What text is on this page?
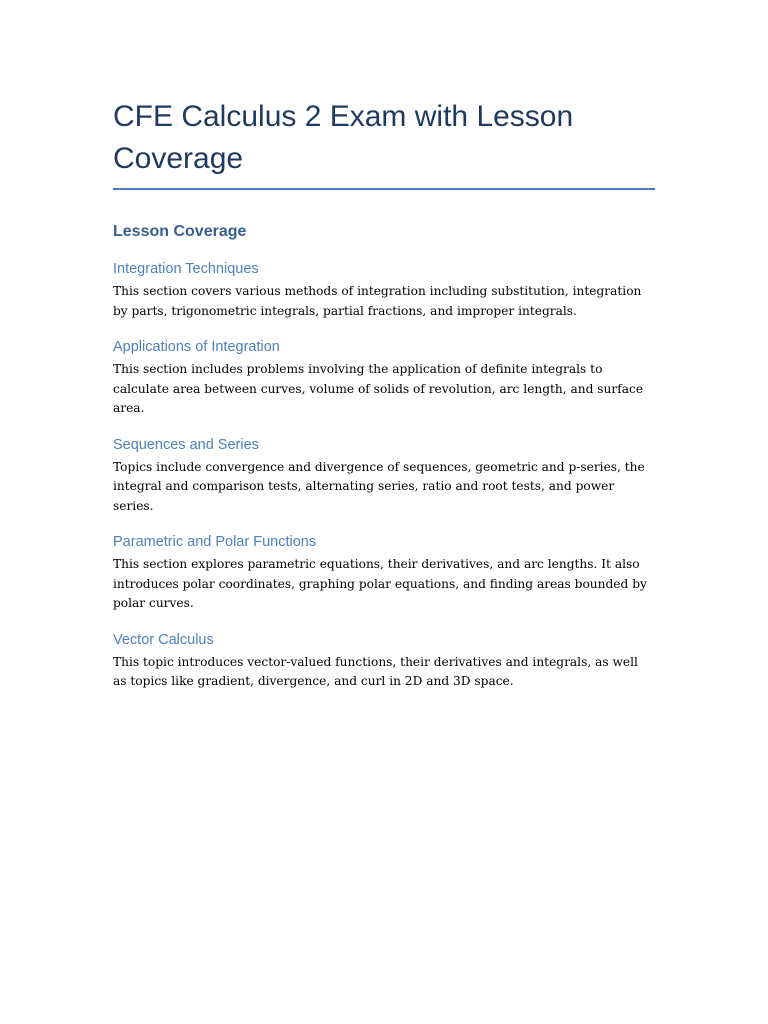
CFE Calculus 2 Exam with Lesson Coverage
Lesson Coverage
Integration Techniques

This section covers various methods of integration including substitution, integration by parts, trigonometric integrals, partial fractions, and improper integrals.

Applications of Integration

This section includes problems involving the application of definite integrals to calculate area between curves, volume of solids of revolution, arc length, and surface area.

Sequences and Series

Topics include convergence and divergence of sequences, geometric and p-series, the integral and comparison tests, alternating series, ratio and root tests, and power series.

Parametric and Polar Functions

This section explores parametric equations, their derivatives, and arc lengths. It also introduces polar coordinates, graphing polar equations, and finding areas bounded by polar curves.

Vector Calculus

This topic introduces vector-valued functions, their derivatives and integrals, as well as topics like gradient, divergence, and curl in 2D and 3D space.
